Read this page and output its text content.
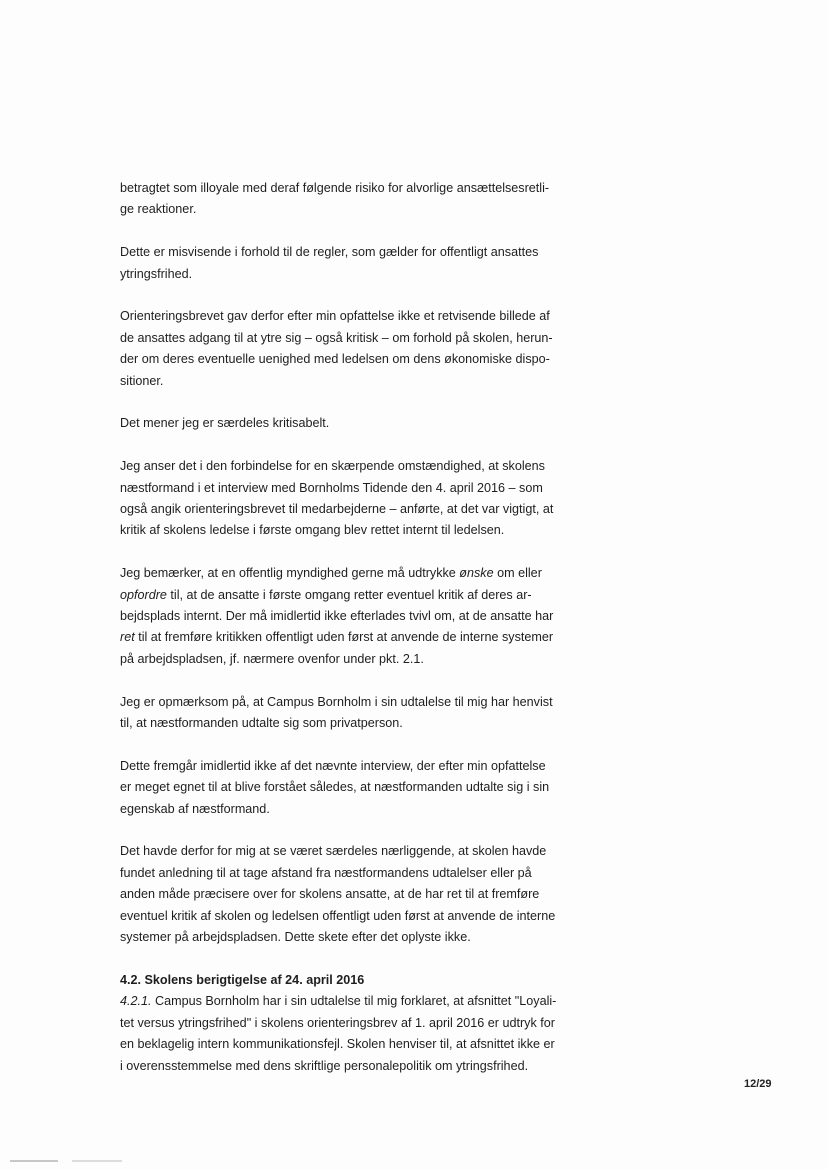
betragtet som illoyale med deraf følgende risiko for alvorlige ansættelsesretli-
ge reaktioner.

Dette er misvisende i forhold til de regler, som gælder for offentligt ansattes
ytringsfrihed.

Orienteringsbrevet gav derfor efter min opfattelse ikke et retvisende billede af
de ansattes adgang til at ytre sig – også kritisk – om forhold på skolen, herun-
der om deres eventuelle uenighed med ledelsen om dens økonomiske dispo-
sitioner.

Det mener jeg er særdeles kritisabelt.

Jeg anser det i den forbindelse for en skærpende omstændighed, at skolens
næstformand i et interview med Bornholms Tidende den 4. april 2016 – som
også angik orienteringsbrevet til medarbejderne – anførte, at det var vigtigt, at
kritik af skolens ledelse i første omgang blev rettet internt til ledelsen.

Jeg bemærker, at en offentlig myndighed gerne må udtrykke ønske om eller
opfordre til, at de ansatte i første omgang retter eventuel kritik af deres ar-
bejdsplads internt. Der må imidlertid ikke efterlades tvivl om, at de ansatte har
ret til at fremføre kritikken offentligt uden først at anvende de interne systemer
på arbejdspladsen, jf. nærmere ovenfor under pkt. 2.1.

Jeg er opmærksom på, at Campus Bornholm i sin udtalelse til mig har henvist
til, at næstformanden udtalte sig som privatperson.

Dette fremgår imidlertid ikke af det nævnte interview, der efter min opfattelse
er meget egnet til at blive forstået således, at næstformanden udtalte sig i sin
egenskab af næstformand.

Det havde derfor for mig at se været særdeles nærliggende, at skolen havde
fundet anledning til at tage afstand fra næstformandens udtalelser eller på
anden måde præcisere over for skolens ansatte, at de har ret til at fremføre
eventuel kritik af skolen og ledelsen offentligt uden først at anvende de interne
systemer på arbejdspladsen. Dette skete efter det oplyste ikke.

4.2. Skolens berigtigelse af 24. april 2016
4.2.1. Campus Bornholm har i sin udtalelse til mig forklaret, at afsnittet "Loyali-
tet versus ytringsfrihed" i skolens orienteringsbrev af 1. april 2016 er udtryk for
en beklagelig intern kommunikationsfejl. Skolen henviser til, at afsnittet ikke er
i overensstemmelse med dens skriftlige personalepolitik om ytringsfrihed.
12/29
